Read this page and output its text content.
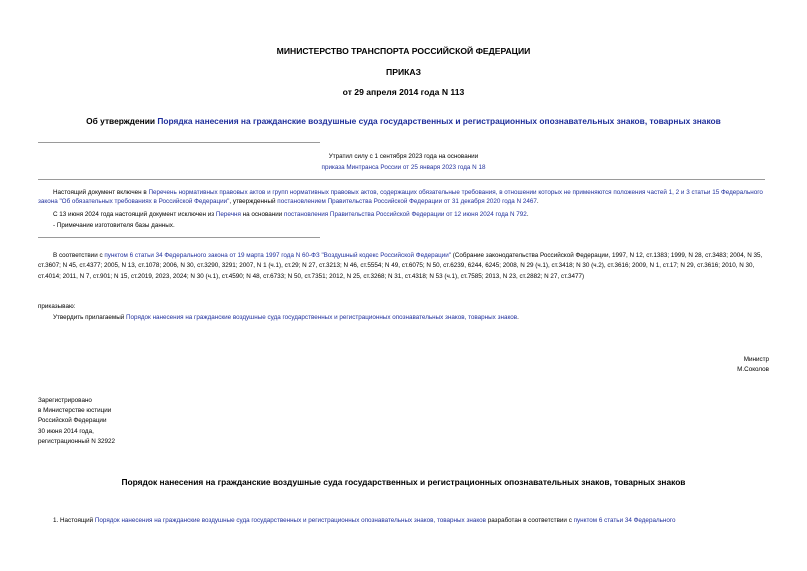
МИНИСТЕРСТВО ТРАНСПОРТА РОССИЙСКОЙ ФЕДЕРАЦИИ
ПРИКАЗ
от 29 апреля 2014 года N 113
Об утверждении Порядка нанесения на гражданские воздушные суда государственных и регистрационных опознавательных знаков, товарных знаков
Утратил силу с 1 сентября 2023 года на основании
приказа Минтранса России от 25 января 2023 года N 18
Настоящий документ включен в Перечень нормативных правовых актов и групп нормативных правовых актов, содержащих обязательные требования, в отношении которых не применяются положения частей 1, 2 и 3 статьи 15 Федерального закона "Об обязательных требованиях в Российской Федерации", утвержденный постановлением Правительства Российской Федерации от 31 декабря 2020 года N 2467.
С 13 июня 2024 года настоящий документ исключен из Перечня на основании постановления Правительства Российской Федерации от 12 июня 2024 года N 792.
- Примечание изготовителя базы данных.
В соответствии с пунктом 6 статьи 34 Федерального закона от 19 марта 1997 года N 60-ФЗ "Воздушный кодекс Российской Федерации" (Собрание законодательства Российской Федерации, 1997, N 12, ст.1383; 1999, N 28, ст.3483; 2004, N 35, ст.3607; N 45, ст.4377; 2005, N 13, ст.1078; 2006, N 30, ст.3290, 3291; 2007, N 1 (ч.1), ст.29; N 27, ст.3213; N 46, ст.5554; N 49, ст.6075; N 50, ст.6239, 6244, 6245; 2008, N 29 (ч.1), ст.3418; N 30 (ч.2), ст.3616; 2009, N 1, ст.17; N 29, ст.3616; 2010, N 30, ст.4014; 2011, N 7, ст.901; N 15, ст.2019, 2023, 2024; N 30 (ч.1), ст.4590; N 48, ст.6733; N 50, ст.7351; 2012, N 25, ст.3268; N 31, ст.4318; N 53 (ч.1), ст.7585; 2013, N 23, ст.2882; N 27, ст.3477)
приказываю:
Утвердить прилагаемый Порядок нанесения на гражданские воздушные суда государственных и регистрационных опознавательных знаков, товарных знаков.
Министр
М.Соколов
Зарегистрировано
в Министерстве юстиции
Российской Федерации
30 июня 2014 года,
регистрационный N 32922
Порядок нанесения на гражданские воздушные суда государственных и регистрационных опознавательных знаков, товарных знаков
1. Настоящий Порядок нанесения на гражданские воздушные суда государственных и регистрационных опознавательных знаков, товарных знаков разработан в соответствии с пунктом 6 статьи 34 Федерального
